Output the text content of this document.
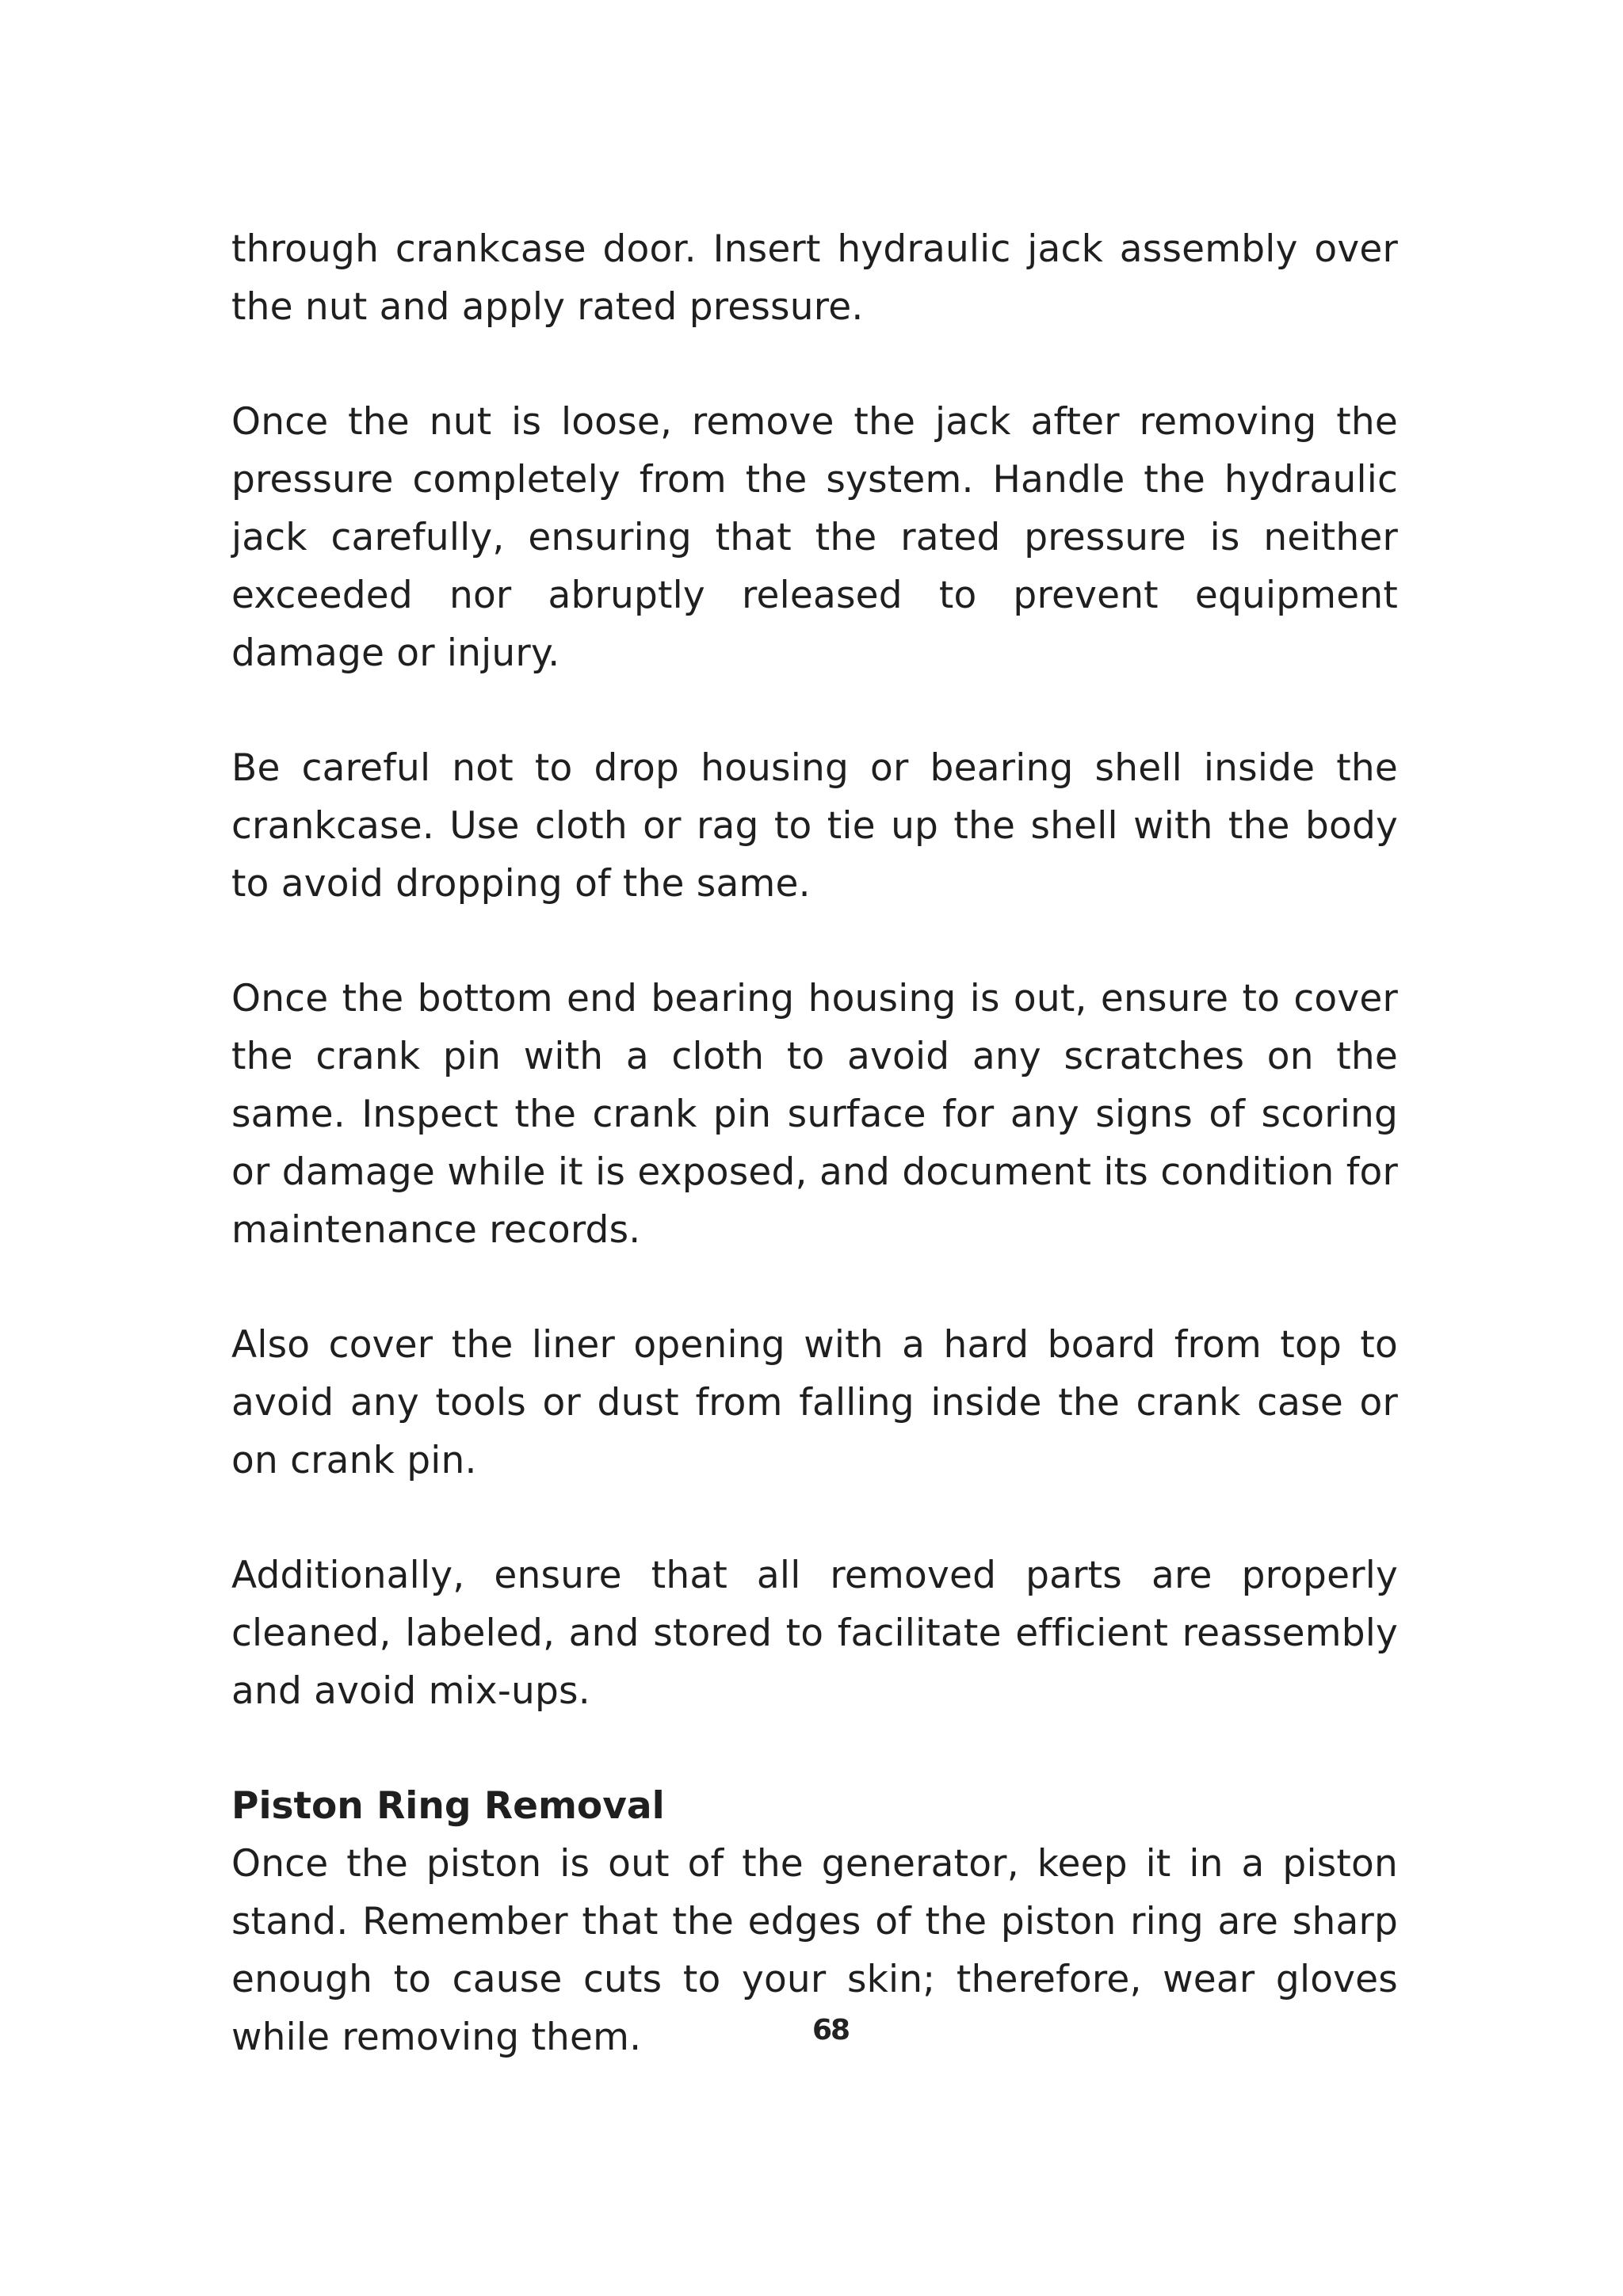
through crankcase door. Insert hydraulic jack assembly over the nut and apply rated pressure.

Once the nut is loose, remove the jack after removing the pressure completely from the system. Handle the hydraulic jack carefully, ensuring that the rated pressure is neither exceeded nor abruptly released to prevent equipment damage or injury.

Be careful not to drop housing or bearing shell inside the crankcase. Use cloth or rag to tie up the shell with the body to avoid dropping of the same.

Once the bottom end bearing housing is out, ensure to cover the crank pin with a cloth to avoid any scratches on the same. Inspect the crank pin surface for any signs of scoring or damage while it is exposed, and document its condition for maintenance records.

Also cover the liner opening with a hard board from top to avoid any tools or dust from falling inside the crank case or on crank pin.

Additionally, ensure that all removed parts are properly cleaned, labeled, and stored to facilitate efficient reassembly and avoid mix-ups.

Piston Ring Removal

Once the piston is out of the generator, keep it in a piston stand. Remember that the edges of the piston ring are sharp enough to cause cuts to your skin; therefore, wear gloves while removing them.	68
